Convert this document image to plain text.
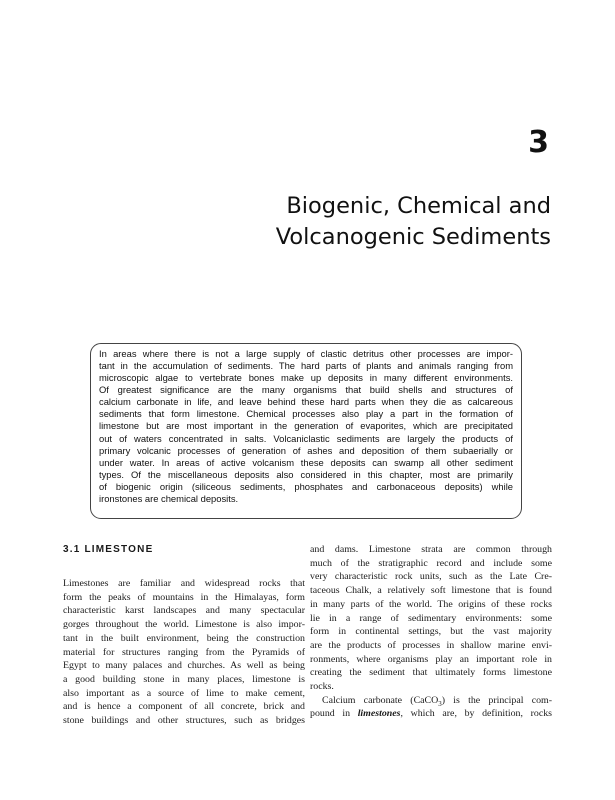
3
Biogenic, Chemical and
Volcanogenic Sediments
In areas where there is not a large supply of clastic detritus other processes are impor-
tant in the accumulation of sediments. The hard parts of plants and animals ranging from
microscopic algae to vertebrate bones make up deposits in many different environments.
Of greatest significance are the many organisms that build shells and structures of
calcium carbonate in life, and leave behind these hard parts when they die as calcareous
sediments that form limestone. Chemical processes also play a part in the formation of
limestone but are most important in the generation of evaporites, which are precipitated
out of waters concentrated in salts. Volcaniclastic sediments are largely the products of
primary volcanic processes of generation of ashes and deposition of them subaerially or
under water. In areas of active volcanism these deposits can swamp all other sediment
types. Of the miscellaneous deposits also considered in this chapter, most are primarily
of biogenic origin (siliceous sediments, phosphates and carbonaceous deposits) while
ironstones are chemical deposits.
3.1 LIMESTONE
Limestones are familiar and widespread rocks that
form the peaks of mountains in the Himalayas, form
characteristic karst landscapes and many spectacular
gorges throughout the world. Limestone is also impor-
tant in the built environment, being the construction
material for structures ranging from the Pyramids of
Egypt to many palaces and churches. As well as being
a good building stone in many places, limestone is
also important as a source of lime to make cement,
and is hence a component of all concrete, brick and
stone buildings and other structures, such as bridges
and dams. Limestone strata are common through
much of the stratigraphic record and include some
very characteristic rock units, such as the Late Cre-
taceous Chalk, a relatively soft limestone that is found
in many parts of the world. The origins of these rocks
lie in a range of sedimentary environments: some
form in continental settings, but the vast majority
are the products of processes in shallow marine envi-
ronments, where organisms play an important role in
creating the sediment that ultimately forms limestone
rocks.
Calcium carbonate (CaCO$_3$) is the principal com-
pound in limestones, which are, by definition, rocks
